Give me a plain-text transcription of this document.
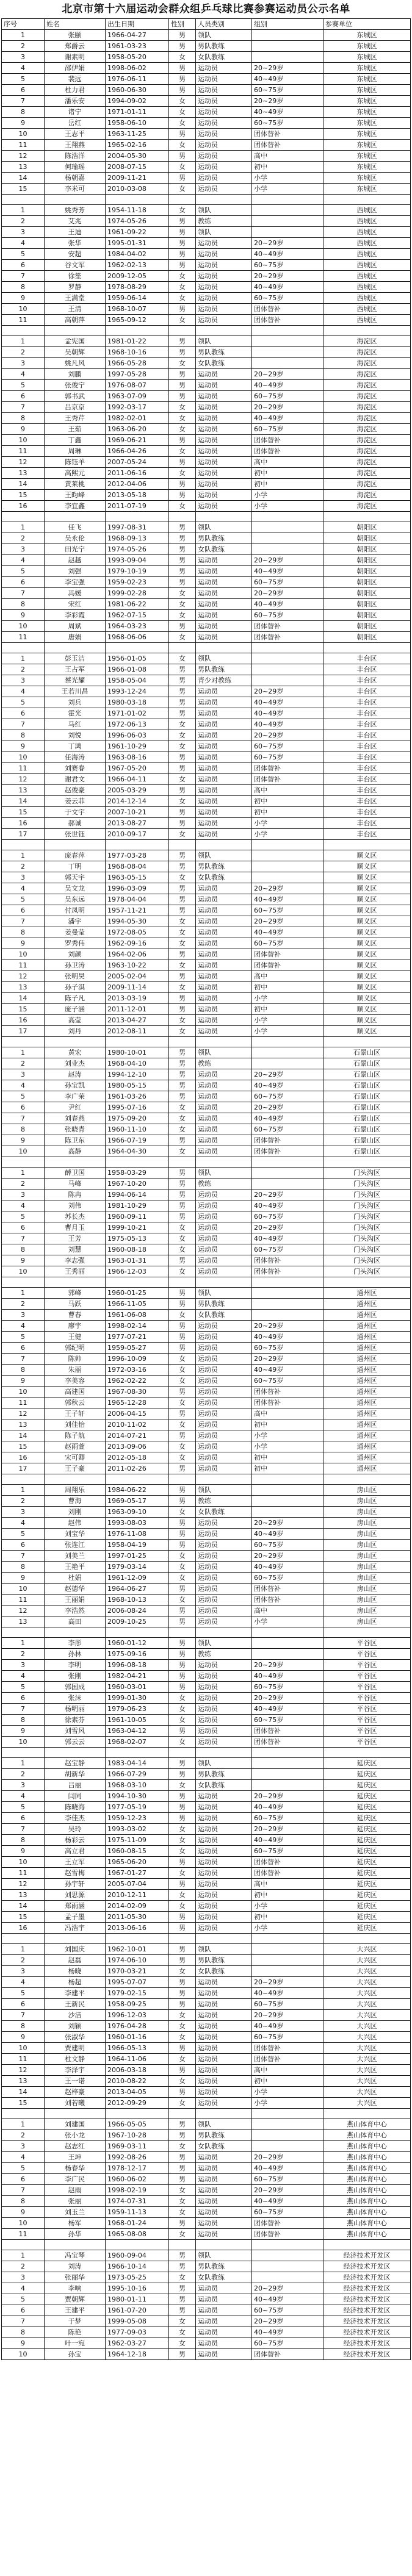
北京市第十六届运动会群众组乒乓球比赛参赛运动员公示名单
序号	姓名	出生日期	性别	人员类别	组别	参赛单位
1	张颐	1966-04-27	男	领队		东城区
2	郑爵云	1961-03-23	男	男队教练		东城区
3	谢素明	1958-05-20	女	女队教练		东城区
4	邵伊娟	1998-06-02	男	运动员	20~29岁	东城区
5	裴远	1976-06-11	男	运动员	40~49岁	东城区
6	杜力君	1960-06-30	男	运动员	60~75岁	东城区
7	潘乐安	1994-09-02	女	运动员	20~29岁	东城区
8	诸宁	1971-01-11	女	运动员	40~49岁	东城区
9	岳红	1958-06-10	女	运动员	60~75岁	东城区
10	王志平	1963-11-25	男	运动员	团体替补	东城区
11	王翔燕	1965-02-16	女	运动员	团体替补	东城区
12	陈浩洋	2004-05-30	男	运动员	高中	东城区
13	何瑜瑶	2008-07-15	女	运动员	初中	东城区
14	杨朝嘉	2009-11-21	男	运动员	小学	东城区
15	李米可	2010-03-08	女	运动员	小学	东城区

1	姚秀芳	1954-11-18	女	领队		西城区
2	艾兆	1974-05-26	男	教练		西城区
3	王迪	1961-09-22	男	领队		西城区
4	张华	1995-01-31	男	运动员	20~29岁	西城区
5	安超	1984-04-02	男	运动员	40~49岁	西城区
6	谷文军	1962-02-13	男	运动员	60~75岁	西城区
7	徐笙	2009-12-05	女	运动员	20~29岁	西城区
8	罗静	1978-08-29	女	运动员	40~49岁	西城区
9	王满堂	1959-06-14	女	运动员	60~75岁	西城区
10	王清	1968-10-07	男	运动员	团体替补	西城区
11	高朝萍	1965-09-12	女	运动员	团体替补	西城区

1	孟宪国	1981-01-22	男	领队		海淀区
2	吴朝辉	1968-10-16	男	男队教练		海淀区
3	姚凡风	1966-05-28	女	女队教练		海淀区
4	刘鹏	1997-05-28	男	运动员	20~29岁	海淀区
5	张俊宁	1976-08-07	男	运动员	40~49岁	海淀区
6	郭书武	1963-07-09	男	运动员	60~75岁	海淀区
7	吕京京	1992-03-17	女	运动员	20~29岁	海淀区
8	王秀芹	1982-02-01	女	运动员	40~49岁	海淀区
9	王茹	1963-06-20	女	运动员	60~75岁	海淀区
10	丁鑫	1969-06-21	男	运动员	团体替补	海淀区
11	周琳	1966-04-26	女	运动员	团体替补	海淀区
12	陈钰羊	2007-05-24	男	运动员	高中	海淀区
13	高熙元	2011-06-16	女	运动员	初中	海淀区
14	黄莱桃	2012-04-06	男	运动员	初中	海淀区
15	王昀峰	2013-05-18	男	运动员	小学	海淀区
16	李宜鑫	2011-07-19	女	运动员	小学	海淀区

1	任飞	1997-08-31	男	领队		朝阳区
2	吴永伦	1968-09-13	男	男队教练		朝阳区
3	田光宁	1974-05-26	男	女队教练		朝阳区
4	赵越	1993-09-04	男	运动员	20~29岁	朝阳区
5	刘强	1979-10-19	男	运动员	40~49岁	朝阳区
6	李宝强	1959-02-23	男	运动员	60~75岁	朝阳区
7	冯媛	1999-02-28	女	运动员	20~29岁	朝阳区
8	宋红	1981-06-22	女	运动员	40~49岁	朝阳区
9	李彩霞	1962-07-15	女	运动员	60~75岁	朝阳区
10	周斌	1964-03-23	男	运动员	团体替补	朝阳区
11	唐娟	1968-06-06	女	运动员	团体替补	朝阳区

1	彭玉洁	1956-01-05	女	领队		丰台区
2	王占军	1966-01-08	男	男队教练		丰台区
3	蔡光耀	1958-05-04	男	青少对教练		丰台区
4	王若川昌	1993-12-24	男	运动员	20~29岁	丰台区
5	刘兵	1980-03-18	男	运动员	40~49岁	丰台区
6	霍光	1971-01-02	男	运动员	40~49岁	丰台区
7	马红	1972-06-13	女	运动员	40~49岁	丰台区
8	刘悦	1996-06-03	女	运动员	20~29岁	丰台区
9	丁鸿	1961-10-29	女	运动员	60~75岁	丰台区
10	任海涛	1963-08-16	男	运动员	60~75岁	丰台区
11	刘赛春	1967-05-20	男	运动员	团体替补	丰台区
12	谢君文	1966-04-11	女	运动员	团体替补	丰台区
13	赵俊豪	2005-03-29	男	运动员	高中	丰台区
14	姜云菲	2014-12-14	女	运动员	初中	丰台区
15	于文宇	2007-10-21	男	运动员	初中	丰台区
16	郝诚	2013-08-27	男	运动员	小学	丰台区
17	张世钰	2010-09-17	女	运动员	小学	丰台区

1	庞春萍	1977-03-28	男	领队		顺义区
2	丁明	1968-08-04	男	男队教练		顺义区
3	郭天宇	1963-05-15	女	女队教练		顺义区
4	吴文龙	1996-03-09	男	运动员	20~29岁	顺义区
5	吴东远	1978-04-04	男	运动员	40~49岁	顺义区
6	付凤明	1957-11-21	男	运动员	60~75岁	顺义区
7	潘宇	1994-05-30	女	运动员	20~29岁	顺义区
8	姜曼莹	1972-08-05	女	运动员	40~49岁	顺义区
9	罗秀伟	1962-09-16	女	运动员	60~75岁	顺义区
10	刘颜	1964-02-06	男	运动员	团体替补	顺义区
11	孙卫涛	1963-10-22	女	运动员	团体替补	顺义区
12	张明昊	2005-02-04	男	运动员	高中	顺义区
13	孙子淇	2009-11-14	女	运动员	初中	顺义区
14	陈子凡	2013-03-19	男	运动员	小学	顺义区
15	庞子涵	2011-12-01	男	运动员	初中	顺义区
16	高莹	2013-04-27	女	运动员	小学	顺义区
17	刘丹	2012-08-11	女	运动员	小学	顺义区

1	黄宏	1980-10-01	男	领队		石景山区
2	刘业杰	1968-04-10	男	教练		石景山区
3	赵涛	1994-12-10	男	运动员	20~29岁	石景山区
4	孙宝凯	1980-05-15	男	运动员	40~49岁	石景山区
5	李广荣	1961-03-26	男	运动员	60~75岁	石景山区
6	尹红	1995-07-16	女	运动员	20~29岁	石景山区
7	刘春燕	1975-09-20	女	运动员	40~49岁	石景山区
8	张晓青	1960-11-10	女	运动员	60~75岁	石景山区
9	陈卫东	1966-07-19	男	运动员	团体替补	石景山区
10	高静	1964-04-30	女	运动员	团体替补	石景山区

1	薛卫国	1958-03-29	男	领队		门头沟区
2	马峰	1967-10-20	男	教练		门头沟区
3	陈冉	1994-06-14	男	运动员	20~29岁	门头沟区
4	刘伟	1981-10-29	男	运动员	40~49岁	门头沟区
5	苏长杰	1960-09-11	男	运动员	60~75岁	门头沟区
6	曹月玉	1999-10-21	女	运动员	20~29岁	门头沟区
7	王芳	1975-05-13	女	运动员	40~49岁	门头沟区
8	刘慧	1960-08-18	女	运动员	60~75岁	门头沟区
9	李志强	1963-01-31	男	运动员	团体替补	门头沟区
10	王秀丽	1966-12-03	女	运动员	团体替补	门头沟区

1	郭峰	1960-01-25	男	领队		通州区
2	马跃	1966-11-05	男	男队教练		通州区
3	曹春	1961-06-08	女	女队教练		通州区
4	廖宇	1998-02-14	男	运动员	20~29岁	通州区
5	王健	1977-07-21	男	运动员	40~49岁	通州区
6	郭纪明	1959-05-27	男	运动员	60~75岁	通州区
7	陈帅	1996-10-09	女	运动员	20~29岁	通州区
8	朱丽	1972-03-16	女	运动员	40~49岁	通州区
9	李美容	1962-02-22	女	运动员	60~75岁	通州区
10	高建国	1967-08-30	男	运动员	团体替补	通州区
11	郭秋云	1965-12-28	女	运动员	团体替补	通州区
12	王子轩	2006-04-15	男	运动员	高中	通州区
13	刘佳怡	2010-11-02	女	运动员	初中	通州区
14	陈子航	2014-07-21	男	运动员	小学	通州区
15	赵雨萱	2013-09-06	女	运动员	小学	通州区
16	宋可卿	2012-05-18	女	运动员	初中	通州区
17	王子豪	2011-02-26	男	运动员	初中	通州区

1	周翔乐	1984-06-22	男	领队		房山区
2	曹海	1969-05-17	男	教练		房山区
3	刘刚	1963-09-10	女	女队教练		房山区
4	赵伟	1993-08-03	男	运动员	20~29岁	房山区
5	刘宝华	1976-11-08	男	运动员	40~49岁	房山区
6	张连江	1958-04-19	男	运动员	60~75岁	房山区
7	刘美兰	1997-01-25	女	运动员	20~29岁	房山区
8	王艳平	1979-03-14	女	运动员	40~49岁	房山区
9	杜娟	1961-12-09	女	运动员	60~75岁	房山区
10	赵德华	1964-06-27	男	运动员	团体替补	房山区
11	王丽娟	1968-10-13	女	运动员	团体替补	房山区
12	李浩然	2006-08-24	男	运动员	高中	房山区
13	高田	2009-10-25	男	运动员	小学	房山区

1	李彤	1960-01-12	男	领队		平谷区
2	孙林	1975-09-16	男	教练		平谷区
3	李明	1996-08-18	男	运动员	20~29岁	平谷区
4	张刚	1982-04-21	男	运动员	40~49岁	平谷区
5	郭国成	1960-03-01	男	运动员	60~75岁	平谷区
6	张沫	1999-01-30	女	运动员	20~29岁	平谷区
7	杨明丽	1979-06-23	女	运动员	40~49岁	平谷区
8	徐素芬	1961-10-05	女	运动员	60~75岁	平谷区
9	刘雪风	1963-04-12	男	运动员	团体替补	平谷区
10	郭云云	1968-02-07	女	运动员	团体替补	平谷区

1	赵宝静	1983-04-14	男	领队		延庆区
2	胡新华	1966-07-29	男	男队教练		延庆区
3	吕丽	1968-03-10	女	女队教练		延庆区
4	闫同	1994-10-30	男	运动员	20~29岁	延庆区
5	陈晓海	1977-05-19	男	运动员	40~49岁	延庆区
6	李佳杰	1959-12-23	男	运动员	60~75岁	延庆区
7	吴玲	1993-03-02	女	运动员	20~29岁	延庆区
8	杨彩云	1975-11-09	女	运动员	40~49岁	延庆区
9	高立君	1960-08-15	女	运动员	60~75岁	延庆区
10	王立军	1965-06-20	男	运动员	团体替补	延庆区
11	赵雪梅	1967-01-27	女	运动员	团体替补	延庆区
12	孙宇轩	2005-07-04	男	运动员	高中	延庆区
13	刘思源	2010-12-11	女	运动员	初中	延庆区
14	郑雨涵	2014-02-09	女	运动员	小学	延庆区
15	孟子墨	2011-05-30	男	运动员	初中	延庆区
16	冯浩宇	2013-06-16	男	运动员	小学	延庆区

1	刘国庆	1962-10-01	男	领队		大兴区
2	赵磊	1974-06-10	男	男队教练		大兴区
3	杨晓	1970-03-21	女	女队教练		大兴区
4	杨超	1995-07-07	男	运动员	20~29岁	大兴区
5	李建平	1979-02-15	男	运动员	40~49岁	大兴区
6	王新民	1958-09-25	男	运动员	60~75岁	大兴区
7	沙洁	1996-12-03	女	运动员	20~29岁	大兴区
8	刘颖	1976-04-28	女	运动员	40~49岁	大兴区
9	张淑华	1960-01-16	女	运动员	60~75岁	大兴区
10	贾建明	1966-05-13	男	运动员	团体替补	大兴区
11	杜文静	1964-11-06	女	运动员	团体替补	大兴区
12	李泽宇	2006-03-18	男	运动员	高中	大兴区
13	王一诺	2010-08-22	女	运动员	初中	大兴区
14	赵梓豪	2013-04-05	男	运动员	小学	大兴区
15	刘若曦	2012-09-29	女	运动员	小学	大兴区

1	刘建国	1966-05-05	男	领队		燕山体育中心
2	张小龙	1967-10-28	男	男队教练		燕山体育中心
3	赵志红	1969-03-11	女	女队教练		燕山体育中心
4	王坤	1992-08-26	男	运动员	20~29岁	燕山体育中心
5	杨春华	1978-12-17	男	运动员	40~49岁	燕山体育中心
6	李广民	1960-06-02	男	运动员	60~75岁	燕山体育中心
7	赵雨	1998-02-19	女	运动员	20~29岁	燕山体育中心
8	张丽	1974-07-31	女	运动员	40~49岁	燕山体育中心
9	刘玉兰	1959-11-13	女	运动员	60~75岁	燕山体育中心
10	杨军	1968-01-24	男	运动员	团体替补	燕山体育中心
11	孙华	1965-08-08	女	运动员	团体替补	燕山体育中心

1	冯宝琴	1960-09-04	男	领队		经济技术开发区
2	刘涛	1966-10-14	男	男队教练		经济技术开发区
3	张丽华	1973-05-25	女	女队教练		经济技术开发区
4	李响	1995-10-16	男	运动员	20~29岁	经济技术开发区
5	贾朝辉	1980-01-11	男	运动员	40~49岁	经济技术开发区
6	王建平	1961-07-20	男	运动员	60~75岁	经济技术开发区
7	于梦	1999-05-08	女	运动员	20~29岁	经济技术开发区
8	陈艳	1977-09-03	女	运动员	40~49岁	经济技术开发区
9	叶一宛	1962-03-27	女	运动员	60~75岁	经济技术开发区
10	孙宝	1964-12-18	男	运动员	团体替补	经济技术开发区
